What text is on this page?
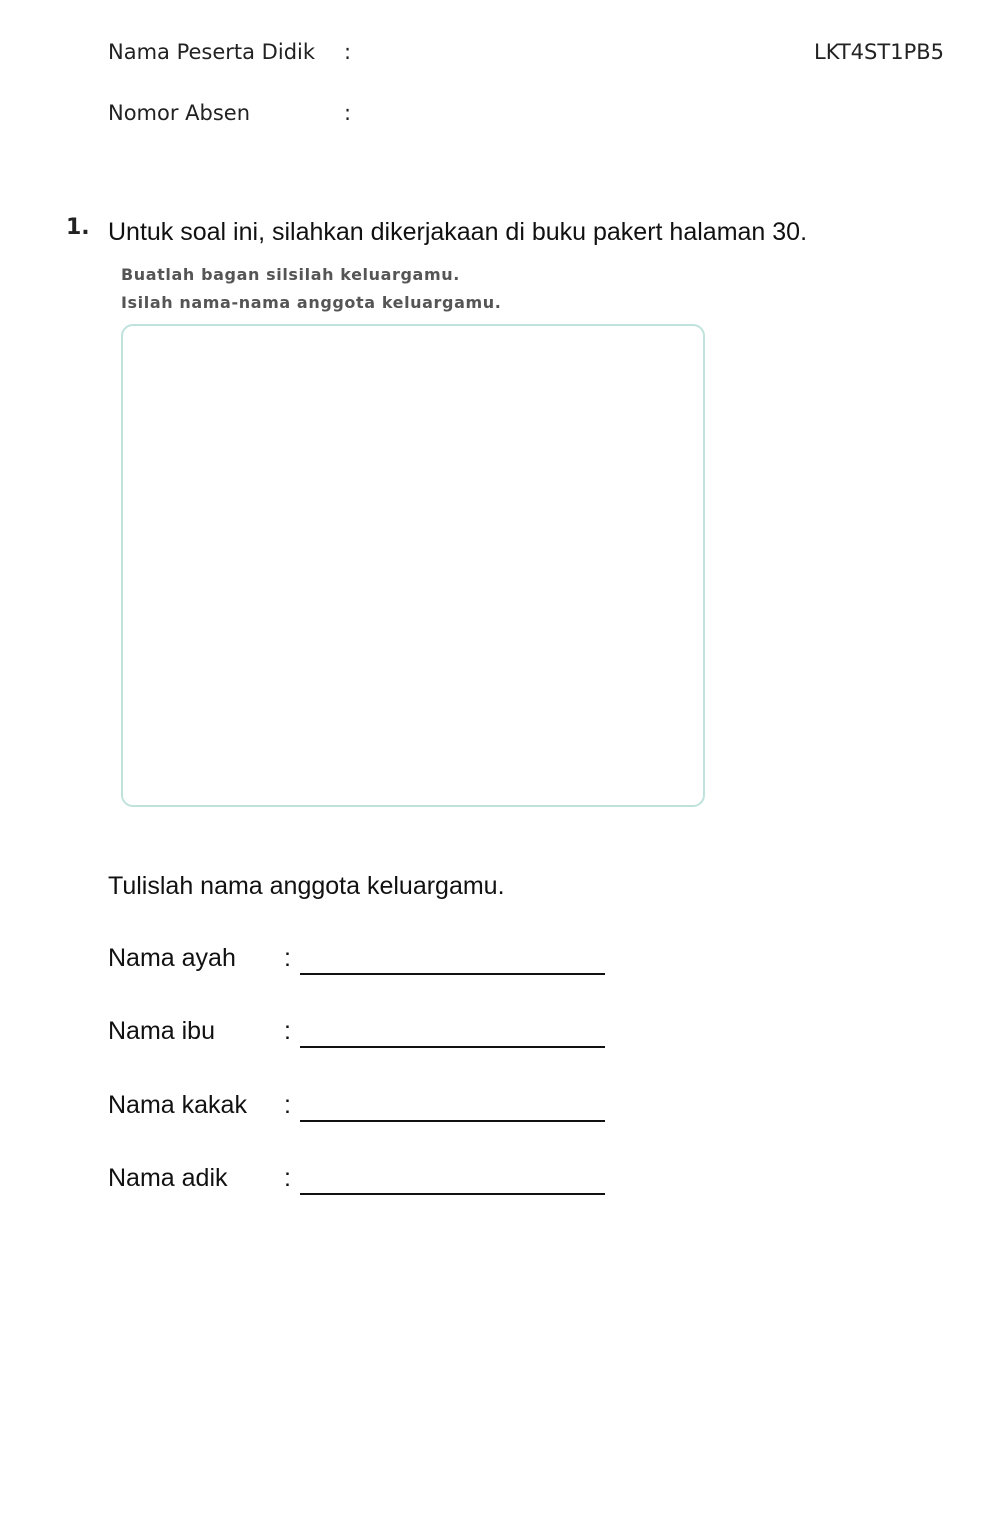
Nama Peserta Didik :	LKT4ST1PB5
Nomor Absen	:
1. Untuk soal ini, silahkan dikerjakaan di buku pakert halaman 30.
Buatlah bagan silsilah keluargamu.
Isilah nama-nama anggota keluargamu.
Tulislah nama anggota keluargamu.
Nama ayah :
Nama ibu	:
Nama kakak :
Nama adik :
